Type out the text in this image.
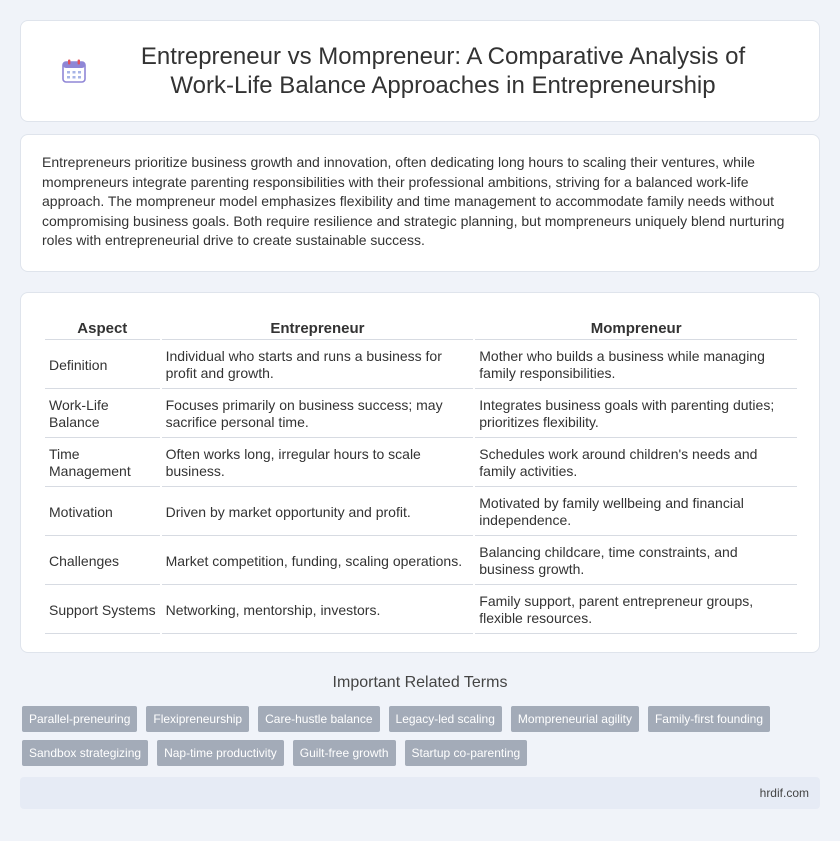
Entrepreneur vs Mompreneur: A Comparative Analysis of Work-Life Balance Approaches in Entrepreneurship

Entrepreneurs prioritize business growth and innovation, often dedicating long hours to scaling their ventures, while mompreneurs integrate parenting responsibilities with their professional ambitions, striving for a balanced work-life approach. The mompreneur model emphasizes flexibility and time management to accommodate family needs without compromising business goals. Both require resilience and strategic planning, but mompreneurs uniquely blend nurturing roles with entrepreneurial drive to create sustainable success.

Aspect	Entrepreneur	Mompreneur
Definition	Individual who starts and runs a business for profit and growth.	Mother who builds a business while managing family responsibilities.
Work-Life Balance	Focuses primarily on business success; may sacrifice personal time.	Integrates business goals with parenting duties; prioritizes flexibility.
Time Management	Often works long, irregular hours to scale business.	Schedules work around children's needs and family activities.
Motivation	Driven by market opportunity and profit.	Motivated by family wellbeing and financial independence.
Challenges	Market competition, funding, scaling operations.	Balancing childcare, time constraints, and business growth.
Support Systems	Networking, mentorship, investors.	Family support, parent entrepreneur groups, flexible resources.
Important Related Terms
Parallel-preneuring	Flexipreneurship	Care-hustle balance	Legacy-led scaling	Mompreneurial agility	Family-first founding
Sandbox strategizing	Nap-time productivity	Guilt-free growth	Startup co-parenting
hrdif.com
